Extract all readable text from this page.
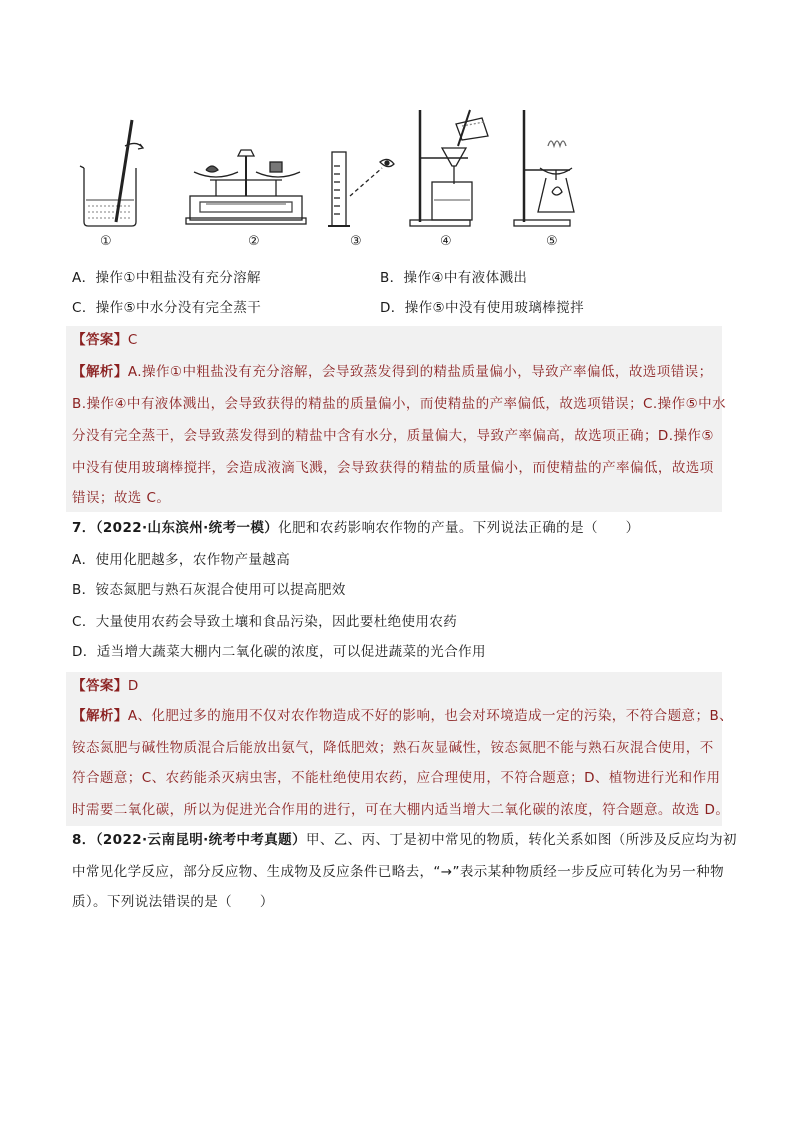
①	②	③	④	⑤
A．操作①中粗盐没有充分溶解	B．操作④中有液体溅出
C．操作⑤中水分没有完全蒸干	D．操作⑤中没有使用玻璃棒搅拌
【答案】C
【解析】A.操作①中粗盐没有充分溶解，会导致蒸发得到的精盐质量偏小，导致产率偏低，故选项错误；
B.操作④中有液体溅出，会导致获得的精盐的质量偏小，而使精盐的产率偏低，故选项错误；C.操作⑤中水
分没有完全蒸干，会导致蒸发得到的精盐中含有水分，质量偏大，导致产率偏高，故选项正确；D.操作⑤
中没有使用玻璃棒搅拌，会造成液滴飞溅，会导致获得的精盐的质量偏小，而使精盐的产率偏低，故选项
错误；故选 C。
7．（2022·山东滨州·统考一模）化肥和农药影响农作物的产量。下列说法正确的是（　　）
A．使用化肥越多，农作物产量越高
B．铵态氮肥与熟石灰混合使用可以提高肥效
C．大量使用农药会导致土壤和食品污染，因此要杜绝使用农药
D．适当增大蔬菜大棚内二氧化碳的浓度，可以促进蔬菜的光合作用
【答案】D
【解析】A、化肥过多的施用不仅对农作物造成不好的影响，也会对环境造成一定的污染，不符合题意；B、
铵态氮肥与碱性物质混合后能放出氨气，降低肥效；熟石灰显碱性，铵态氮肥不能与熟石灰混合使用，不
符合题意；C、农药能杀灭病虫害，不能杜绝使用农药，应合理使用，不符合题意；D、植物进行光和作用
时需要二氧化碳，所以为促进光合作用的进行，可在大棚内适当增大二氧化碳的浓度，符合题意。故选 D。
8．（2022·云南昆明·统考中考真题）甲、乙、丙、丁是初中常见的物质，转化关系如图（所涉及反应均为初
中常见化学反应，部分反应物、生成物及反应条件已略去，“→”表示某种物质经一步反应可转化为另一种物
质）。下列说法错误的是（　　）
